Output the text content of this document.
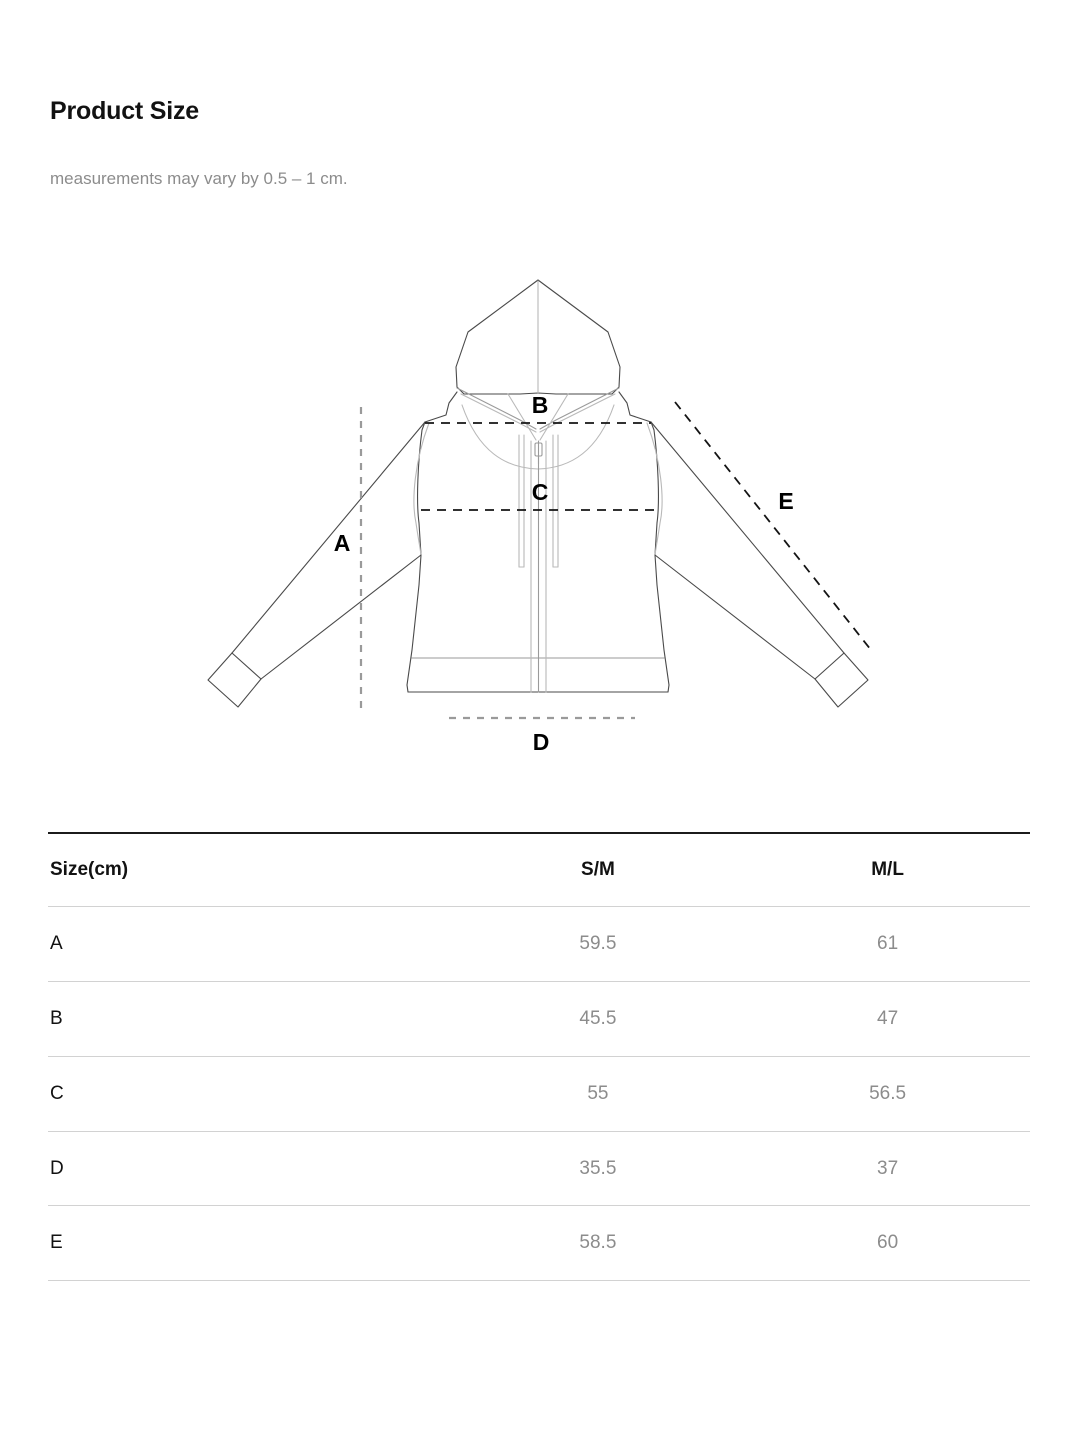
Product Size

measurements may vary by 0.5 – 1 cm.

A
B
C
D
E
Size(cm)	S/M	M/L
A	59.5	61
B	45.5	47
C	55	56.5
D	35.5	37
E	58.5	60
